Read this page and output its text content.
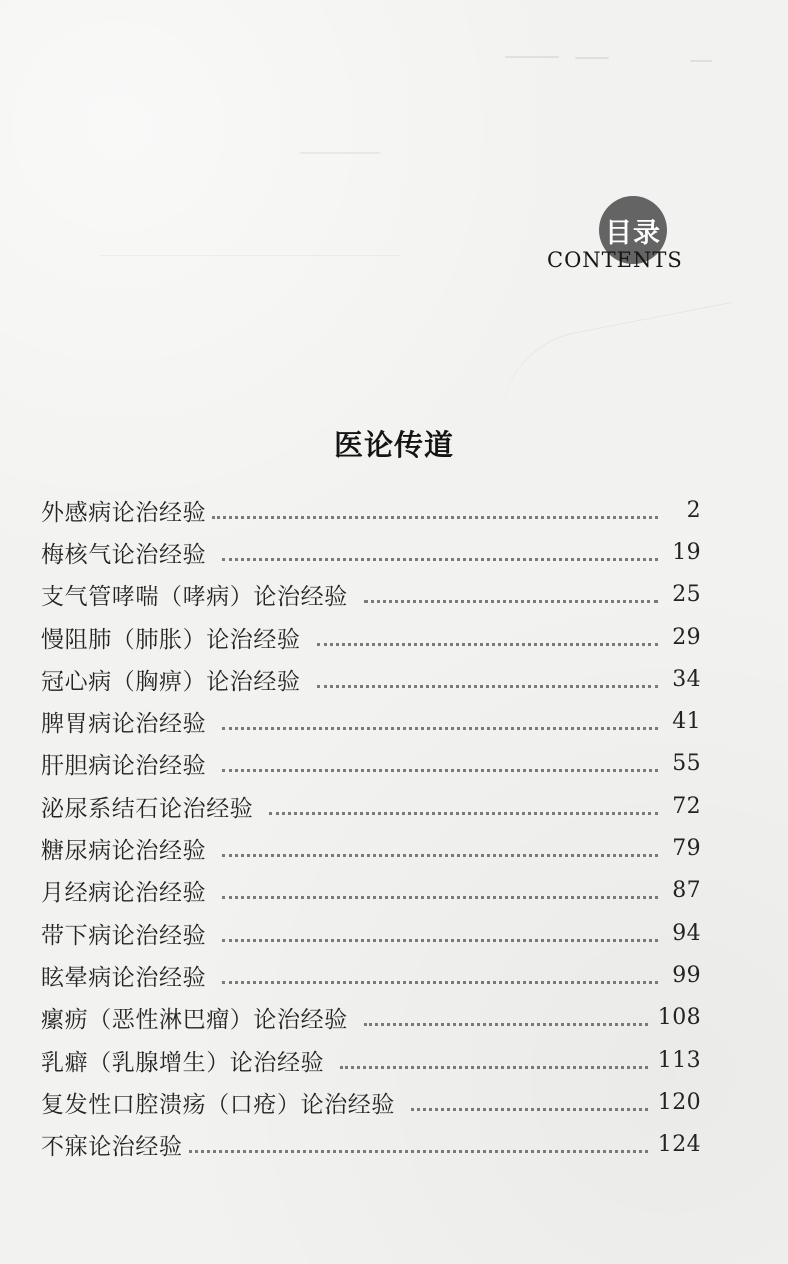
目录
CONTENTS
医论传道
外感病论治经验	2
梅核气论治经验	19
支气管哮喘（哮病）论治经验	25
慢阻肺（肺胀）论治经验	29
冠心病（胸痹）论治经验	34
脾胃病论治经验	41
肝胆病论治经验	55
泌尿系结石论治经验	72
糖尿病论治经验	79
月经病论治经验	87
带下病论治经验	94
眩晕病论治经验	99
瘰疬（恶性淋巴瘤）论治经验	108
乳癖（乳腺增生）论治经验	113
复发性口腔溃疡（口疮）论治经验	120
不寐论治经验	124
